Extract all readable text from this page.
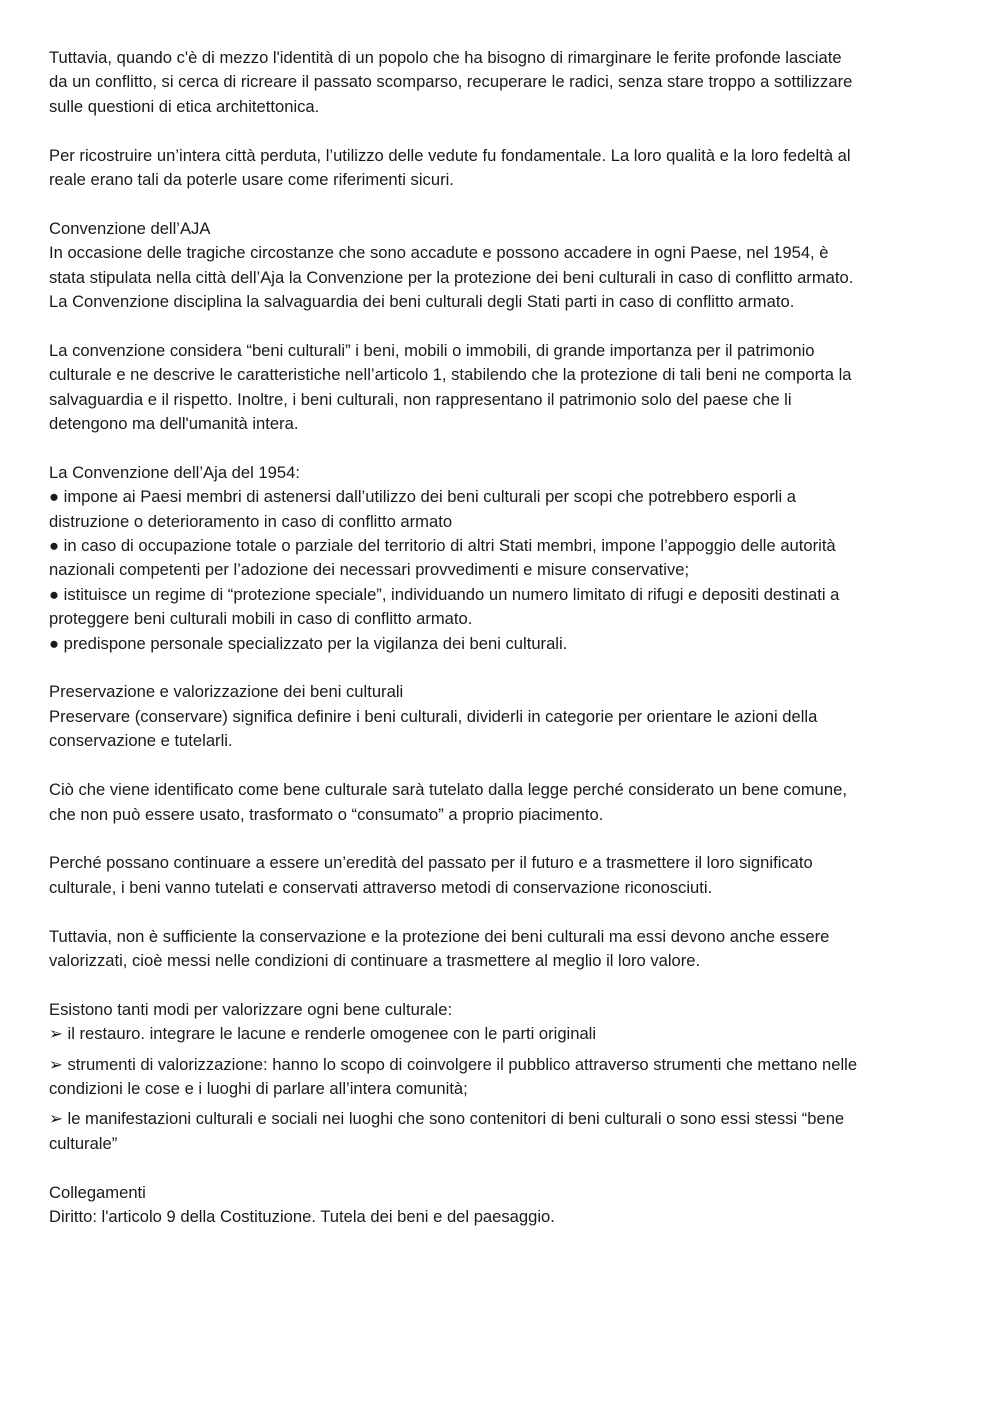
Tuttavia, quando c'è di mezzo l'identità di un popolo che ha bisogno di rimarginare le ferite profonde lasciate
da un conflitto, si cerca di ricreare il passato scomparso, recuperare le radici, senza stare troppo a sottilizzare
sulle questioni di etica architettonica.

Per ricostruire un’intera città perduta, l’utilizzo delle vedute fu fondamentale. La loro qualità e la loro fedeltà al
reale erano tali da poterle usare come riferimenti sicuri.

Convenzione dell’AJA

In occasione delle tragiche circostanze che sono accadute e possono accadere in ogni Paese, nel 1954, è
stata stipulata nella città dell’Aja la Convenzione per la protezione dei beni culturali in caso di conflitto armato.
La Convenzione disciplina la salvaguardia dei beni culturali degli Stati parti in caso di conflitto armato.

La convenzione considera “beni culturali” i beni, mobili o immobili, di grande importanza per il patrimonio
culturale e ne descrive le caratteristiche nell’articolo 1, stabilendo che la protezione di tali beni ne comporta la
salvaguardia e il rispetto. Inoltre, i beni culturali, non rappresentano il patrimonio solo del paese che li
detengono ma dell'umanità intera.

La Convenzione dell’Aja del 1954:

● impone ai Paesi membri di astenersi dall’utilizzo dei beni culturali per scopi che potrebbero esporli a
distruzione o deterioramento in caso di conflitto armato

● in caso di occupazione totale o parziale del territorio di altri Stati membri, impone l’appoggio delle autorità
nazionali competenti per l’adozione dei necessari provvedimenti e misure conservative;

● istituisce un regime di “protezione speciale”, individuando un numero limitato di rifugi e depositi destinati a
proteggere beni culturali mobili in caso di conflitto armato.

● predispone personale specializzato per la vigilanza dei beni culturali.

Preservazione e valorizzazione dei beni culturali

Preservare (conservare) significa definire i beni culturali, dividerli in categorie per orientare le azioni della
conservazione e tutelarli.

Ciò che viene identificato come bene culturale sarà tutelato dalla legge perché considerato un bene comune,
che non può essere usato, trasformato o “consumato” a proprio piacimento.

Perché possano continuare a essere un’eredità del passato per il futuro e a trasmettere il loro significato
culturale, i beni vanno tutelati e conservati attraverso metodi di conservazione riconosciuti.

Tuttavia, non è sufficiente la conservazione e la protezione dei beni culturali ma essi devono anche essere
valorizzati, cioè messi nelle condizioni di continuare a trasmettere al meglio il loro valore.

Esistono tanti modi per valorizzare ogni bene culturale:

➢ il restauro. integrare le lacune e renderle omogenee con le parti originali

➢ strumenti di valorizzazione: hanno lo scopo di coinvolgere il pubblico attraverso strumenti che mettano nelle
condizioni le cose e i luoghi di parlare all’intera comunità;

➢ le manifestazioni culturali e sociali nei luoghi che sono contenitori di beni culturali o sono essi stessi “bene
culturale”

Collegamenti

Diritto: l'articolo 9 della Costituzione. Tutela dei beni e del paesaggio.
